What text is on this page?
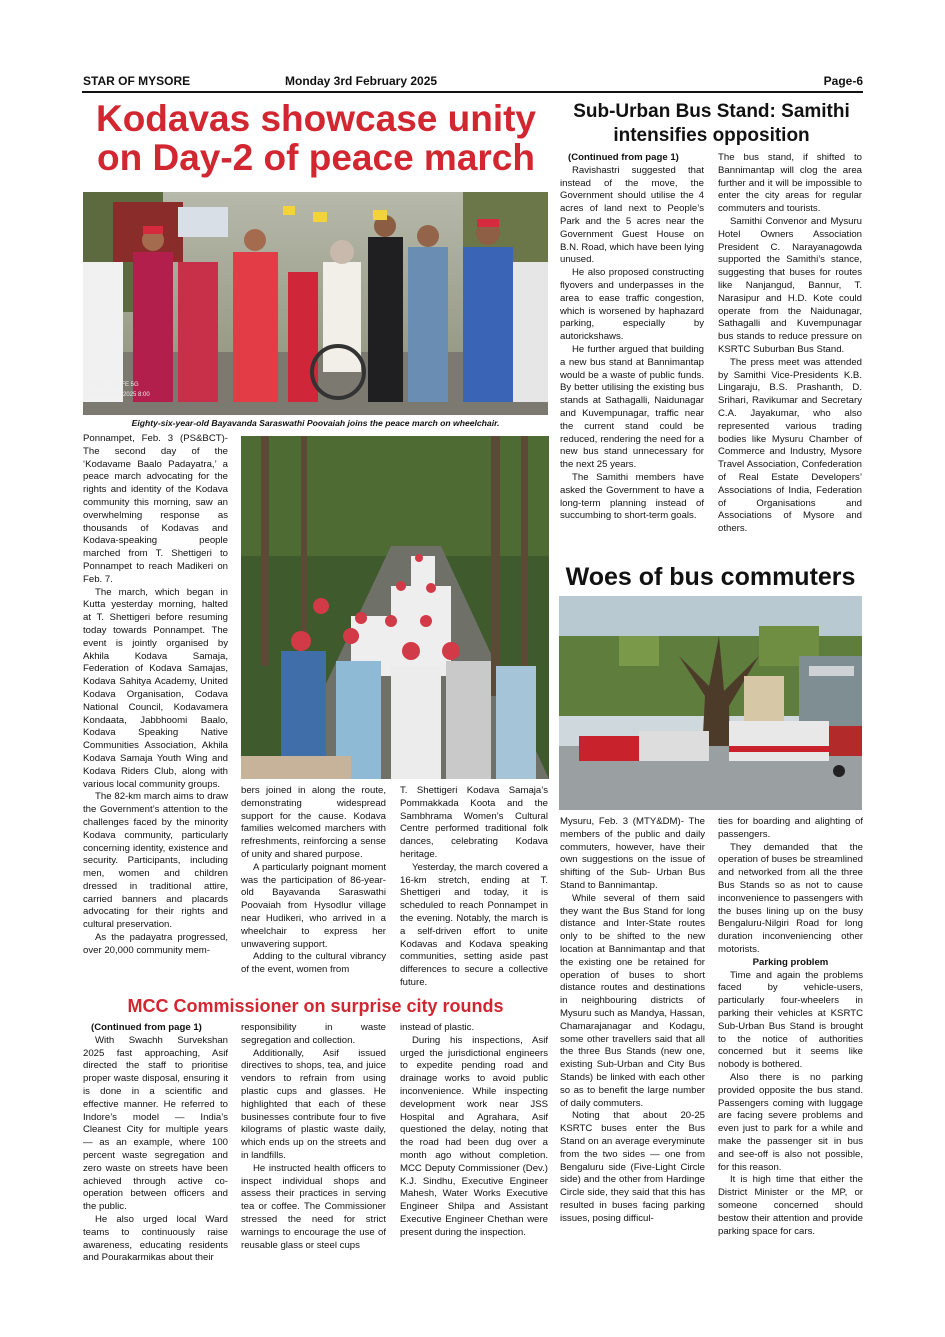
STAR OF MYSORE	Monday 3rd February 2025	Page-6
Kodavas showcase unity
on Day-2 of peace march
Galaxy A21 FE 5G
03 February 2025 8:00
Eighty-six-year-old Bayavanda Saraswathi Poovaiah joins the peace march on wheelchair.

Ponnampet, Feb. 3 (PS&BCT)- The second day of the ‘Kodavame Baalo Padayatra,’ a peace march advocating for the rights and identity of the Kodava community this morning, saw an overwhelming response as thousands of Kodavas and Kodava-speaking people marched from T. Shettigeri to Ponnampet to reach Madikeri on Feb. 7.

The march, which began in Kutta yesterday morning, halted at T. Shettigeri before resuming today towards Ponnampet. The event is jointly organised by Akhila Kodava Samaja, Federation of Kodava Samajas, Kodava Sahitya Academy, United Kodava Organisation, Codava National Council, Kodavamera Kondaata, Jabbhoomi Baalo, Kodava Speaking Native Communities Association, Akhila Kodava Samaja Youth Wing and Kodava Riders Club, along with various local community groups.

The 82-km march aims to draw the Government’s attention to the challenges faced by the minority Kodava community, particularly concerning identity, existence and security. Participants, including men, women and children dressed in traditional attire, carried banners and placards advocating for their rights and cultural preservation.

As the padayatra progressed, over 20,000 community mem-

bers joined in along the route, demonstrating widespread support for the cause. Kodava families welcomed marchers with refreshments, reinforcing a sense of unity and shared purpose.

A particularly poignant moment was the participation of 86-year-old Bayavanda Saraswathi Poovaiah from Hysodlur village near Hudikeri, who arrived in a wheelchair to express her unwavering support.

Adding to the cultural vibrancy of the event, women from

T. Shettigeri Kodava Samaja’s Pommakkada Koota and the Sambhrama Women’s Cultural Centre performed traditional folk dances, celebrating Kodava heritage.

Yesterday, the march covered a 16-km stretch, ending at T. Shettigeri and today, it is scheduled to reach Ponnampet in the evening. Notably, the march is a self-driven effort to unite Kodavas and Kodava speaking communities, setting aside past differences to secure a collective future.

Sub-Urban Bus Stand: Samithi
intensifies opposition

(Continued from page 1)

Ravishastri suggested that instead of the move, the Government should utilise the 4 acres of land next to People’s Park and the 5 acres near the Government Guest House on B.N. Road, which have been lying unused.

He also proposed constructing flyovers and underpasses in the area to ease traffic congestion, which is worsened by haphazard parking, especially by autorickshaws.

He further argued that building a new bus stand at Bannimantap would be a waste of public funds. By better utilising the existing bus stands at Sathagalli, Naidunagar and Kuvempunagar, traffic near the current stand could be reduced, rendering the need for a new bus stand unnecessary for the next 25 years.

The Samithi members have asked the Government to have a long-term planning instead of succumbing to short-term goals.

The bus stand, if shifted to Bannimantap will clog the area further and it will be impossible to enter the city areas for regular commuters and tourists.

Samithi Convenor and Mysuru Hotel Owners Association President C. Narayanagowda supported the Samithi’s stance, suggesting that buses for routes like Nanjangud, Bannur, T. Narasipur and H.D. Kote could operate from the Naidunagar, Sathagalli and Kuvempunagar bus stands to reduce pressure on KSRTC Suburban Bus Stand.

The press meet was attended by Samithi Vice-Presidents K.B. Lingaraju, B.S. Prashanth, D. Srihari, Ravikumar and Secretary C.A. Jayakumar, who also represented various trading bodies like Mysuru Chamber of Commerce and Industry, Mysore Travel Association, Confederation of Real Estate Developers’ Associations of India, Federation of Organisations and Associations of Mysore and others.

Woes of bus commuters

Mysuru, Feb. 3 (MTY&DM)- The members of the public and daily commuters, however, have their own suggestions on the issue of shifting of the Sub- Urban Bus Stand to Bannimantap.

While several of them said they want the Bus Stand for long distance and Inter-State routes only to be shifted to the new location at Bannimantap and that the existing one be retained for operation of buses to short distance routes and destinations in neighbouring districts of Mysuru such as Mandya, Hassan, Chamarajanagar and Kodagu, some other travellers said that all the three Bus Stands (new one, existing Sub-Urban and City Bus Stands) be linked with each other so as to benefit the large number of daily commuters.

Noting that about 20-25 KSRTC buses enter the Bus Stand on an average everyminute from the two sides — one from Bengaluru side (Five-Light Circle side) and the other from Hardinge Circle side, they said that this has resulted in buses facing parking issues, posing difficul-

ties for boarding and alighting of passengers.

They demanded that the operation of buses be streamlined and networked from all the three Bus Stands so as not to cause inconvenience to passengers with the buses lining up on the busy Bengaluru-Nilgiri Road for long duration inconveniencing other motorists.

Parking problem

Time and again the problems faced by vehicle-users, particularly four-wheelers in parking their vehicles at KSRTC Sub-Urban Bus Stand is brought to the notice of authorities concerned but it seems like nobody is bothered.

Also there is no parking provided opposite the bus stand. Passengers coming with luggage are facing severe problems and even just to park for a while and make the passenger sit in bus and see-off is also not possible, for this reason.

It is high time that either the District Minister or the MP, or someone concerned should bestow their attention and provide parking space for cars.

MCC Commissioner on surprise city rounds

(Continued from page 1)

With Swachh Survekshan 2025 fast approaching, Asif directed the staff to prioritise proper waste disposal, ensuring it is done in a scientific and effective manner. He referred to Indore’s model — India’s Cleanest City for multiple years — as an example, where 100 percent waste segregation and zero waste on streets have been achieved through active co-operation between officers and the public.

He also urged local Ward teams to continuously raise awareness, educating residents and Pourakarmikas about their

responsibility in waste segregation and collection.

Additionally, Asif issued directives to shops, tea, and juice vendors to refrain from using plastic cups and glasses. He highlighted that each of these businesses contribute four to five kilograms of plastic waste daily, which ends up on the streets and in landfills.

He instructed health officers to inspect individual shops and assess their practices in serving tea or coffee. The Commissioner stressed the need for strict warnings to encourage the use of reusable glass or steel cups

instead of plastic.

During his inspections, Asif urged the jurisdictional engineers to expedite pending road and drainage works to avoid public inconvenience. While inspecting development work near JSS Hospital and Agrahara, Asif questioned the delay, noting that the road had been dug over a month ago without completion. MCC Deputy Commissioner (Dev.) K.J. Sindhu, Executive Engineer Mahesh, Water Works Executive Engineer Shilpa and Assistant Executive Engineer Chethan were present during the inspection.
